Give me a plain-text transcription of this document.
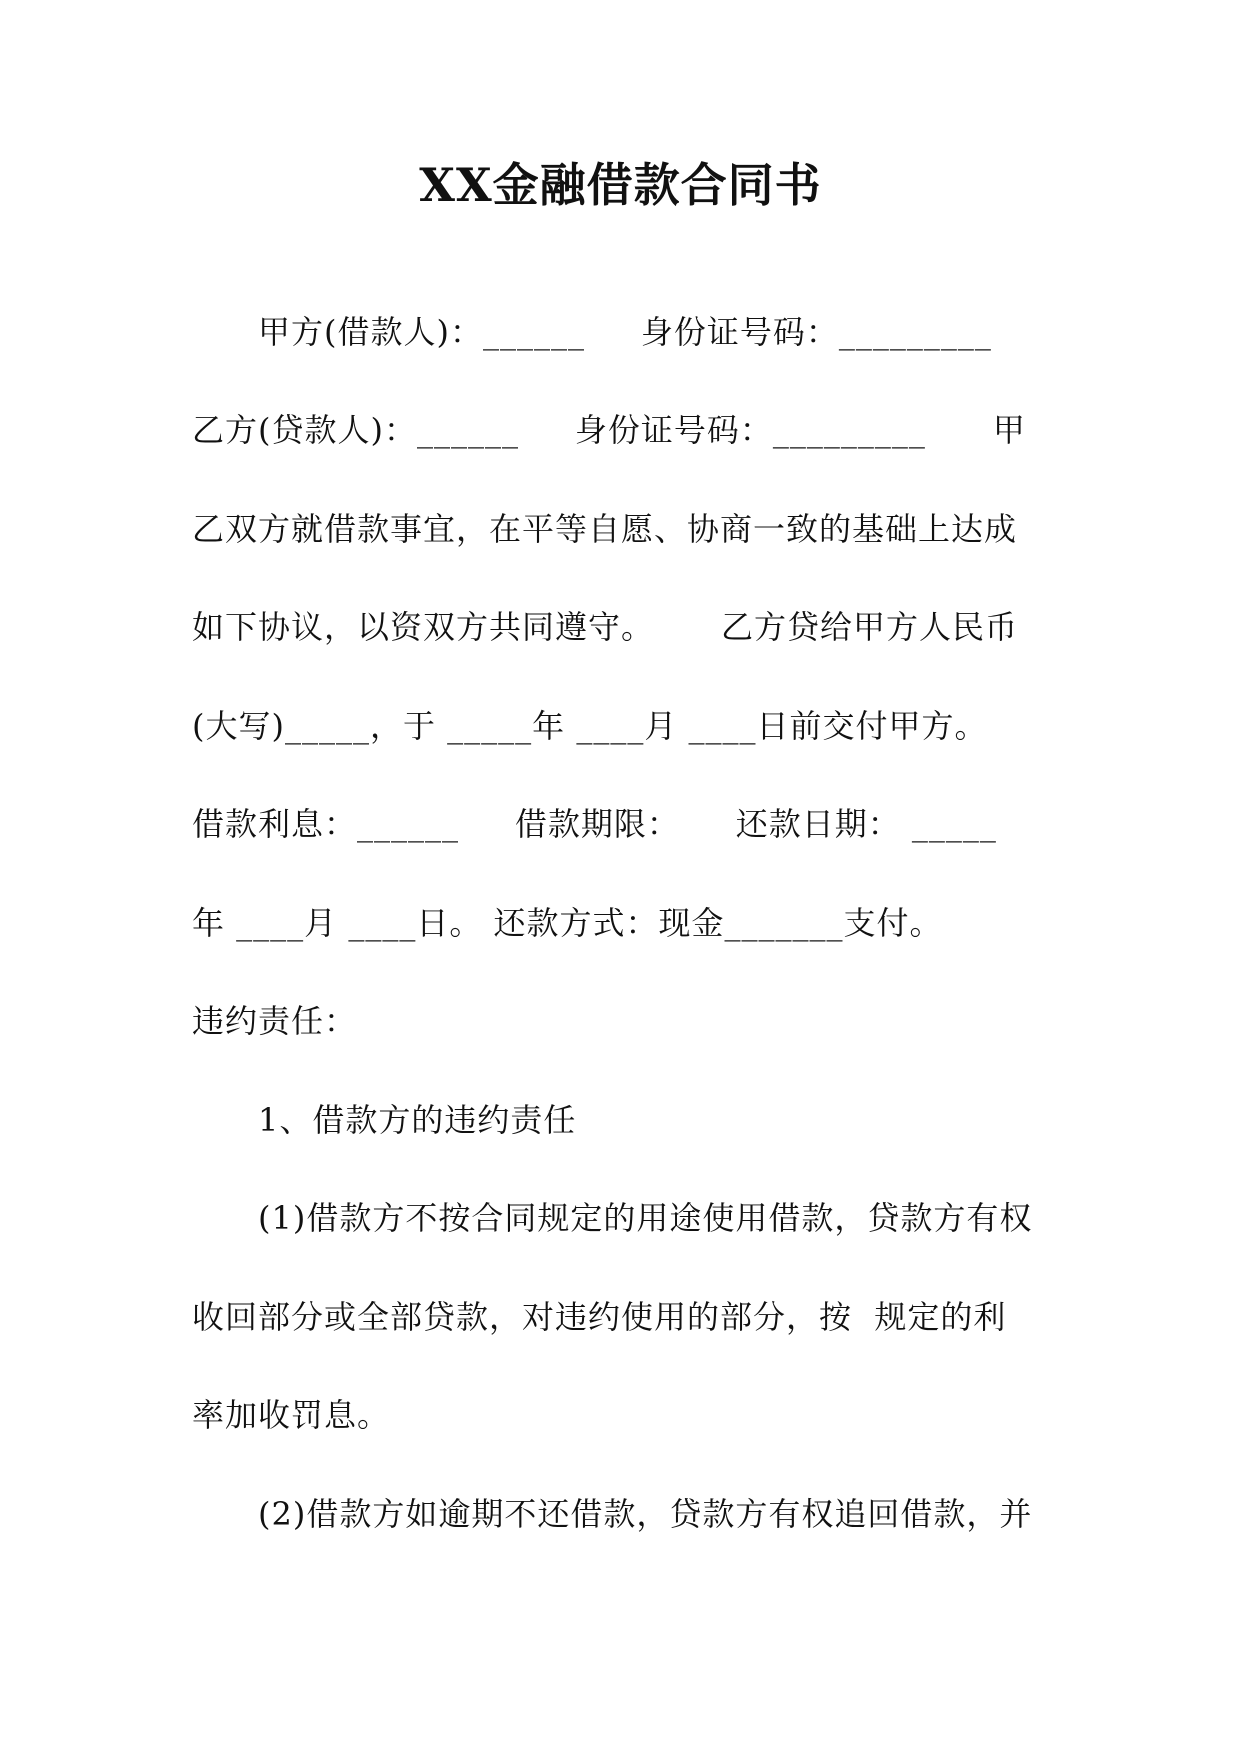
XX金融借款合同书
甲方(借款人)：______     身份证号码：_________
乙方(贷款人)：______     身份证号码：_________      甲
乙双方就借款事宜，在平等自愿、协商一致的基础上达成
如下协议，以资双方共同遵守。      乙方贷给甲方人民币
(大写)_____，于 _____年 ____月 ____日前交付甲方。
借款利息：______     借款期限：     还款日期： _____
年 ____月 ____日。 还款方式：现金_______支付。
违约责任：
1、借款方的违约责任
(1)借款方不按合同规定的用途使用借款，贷款方有权
收回部分或全部贷款，对违约使用的部分，按  规定的利
率加收罚息。
(2)借款方如逾期不还借款，贷款方有权追回借款，并
